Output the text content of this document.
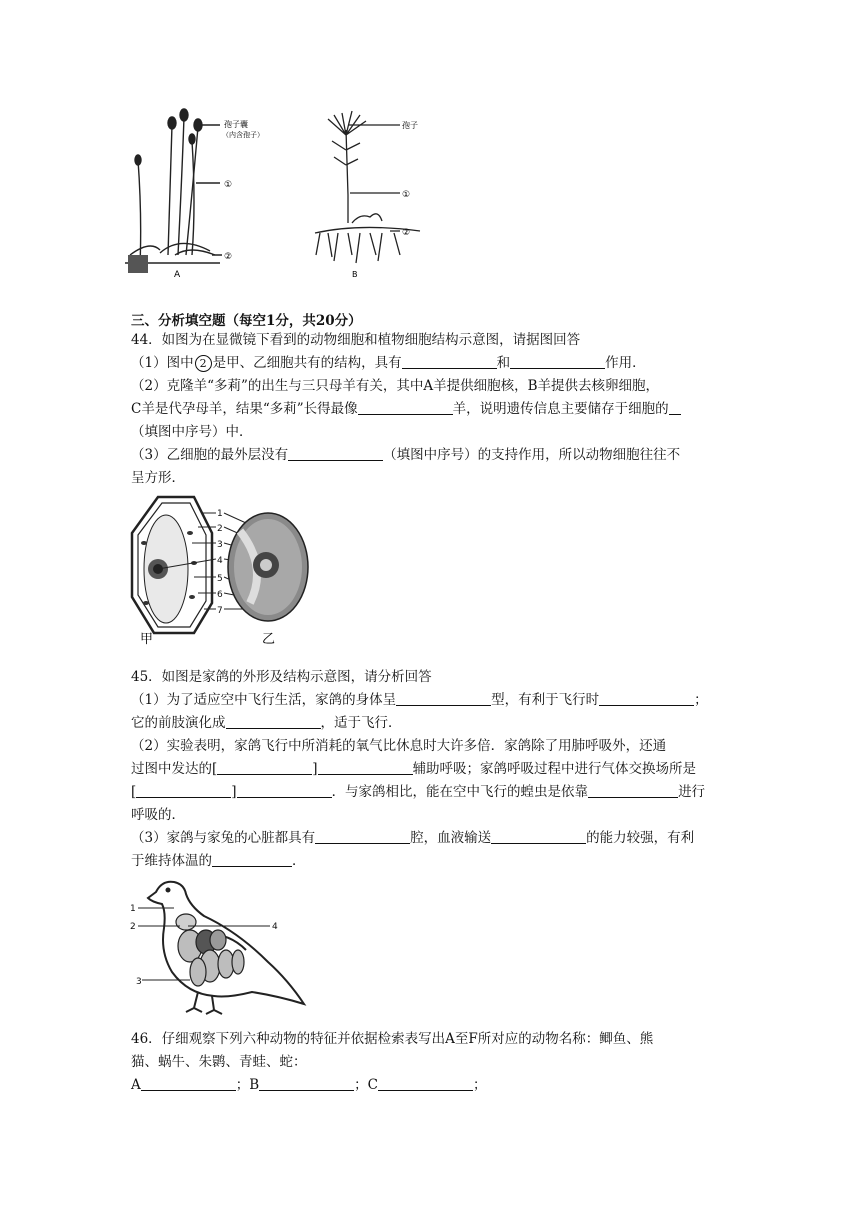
孢子囊
（内含孢子）
①
②
A
孢子
①
②
B
三、分析填空题（每空1分，共20分）
44．如图为在显微镜下看到的动物细胞和植物细胞结构示意图，请据图回答
（1）图中 2 是甲、乙细胞共有的结构，具有	和	作用．
（2）克隆羊“多莉”的出生与三只母羊有关，其中A羊提供细胞核，B羊提供去核卵细胞，
C羊是代孕母羊，结果“多莉”长得最像	羊，说明遗传信息主要储存于细胞的
（填图中序号）中．
（3）乙细胞的最外层没有	（填图中序号）的支持作用，所以动物细胞往往不
呈方形．
1
2
3
4
5
6
7
甲	乙
45．如图是家鸽的外形及结构示意图，请分析回答
（1）为了适应空中飞行生活，家鸽的身体呈	型，有利于飞行时	；
它的前肢演化成	，适于飞行．
（2）实验表明，家鸽飞行中所消耗的氧气比休息时大许多倍．家鸽除了用肺呼吸外，还通
过图中发达的[	]	辅助呼吸；家鸽呼吸过程中进行气体交换场所是
[	]	．与家鸽相比，能在空中飞行的蝗虫是依靠	进行
呼吸的．
（3）家鸽与家兔的心脏都具有	腔，血液输送	的能力较强，有利
于维持体温的	．
1
2
3
4
46．仔细观察下列六种动物的特征并依据检索表写出A至F所对应的动物名称：鲫鱼、熊
猫、蜗牛、朱鹮、青蛙、蛇：
A	；B	；C	；
